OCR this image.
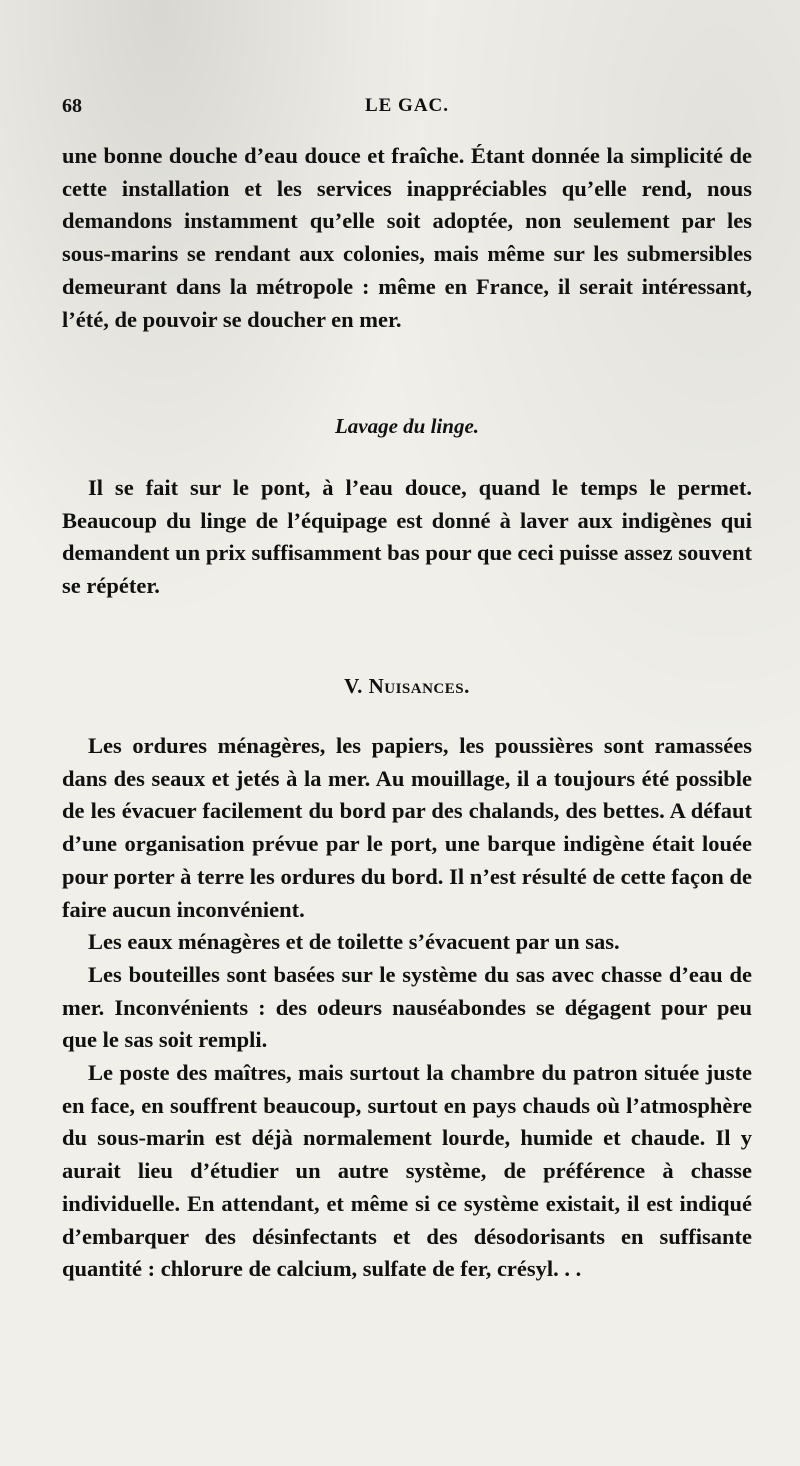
68	LE GAC.

une bonne douche d’eau douce et fraîche. Étant donnée la simplicité de cette installation et les services inappréciables qu’elle rend, nous demandons instamment qu’elle soit adoptée, non seulement par les sous-marins se rendant aux colonies, mais même sur les submersibles demeurant dans la métropole : même en France, il serait intéressant, l’été, de pouvoir se doucher en mer.

Lavage du linge.

Il se fait sur le pont, à l’eau douce, quand le temps le permet. Beaucoup du linge de l’équipage est donné à laver aux indigènes qui demandent un prix suffisamment bas pour que ceci puisse assez souvent se répéter.

V. Nuisances.

Les ordures ménagères, les papiers, les poussières sont ramassées dans des seaux et jetés à la mer. Au mouillage, il a toujours été possible de les évacuer facilement du bord par des chalands, des bettes. A défaut d’une organisation prévue par le port, une barque indigène était louée pour porter à terre les ordures du bord. Il n’est résulté de cette façon de faire aucun inconvénient.

Les eaux ménagères et de toilette s’évacuent par un sas.

Les bouteilles sont basées sur le système du sas avec chasse d’eau de mer. Inconvénients : des odeurs nauséabondes se dégagent pour peu que le sas soit rempli.

Le poste des maîtres, mais surtout la chambre du patron située juste en face, en souffrent beaucoup, surtout en pays chauds où l’atmosphère du sous-marin est déjà normalement lourde, humide et chaude. Il y aurait lieu d’étudier un autre système, de préférence à chasse individuelle. En attendant, et même si ce système existait, il est indiqué d’embarquer des désinfectants et des désodorisants en suffisante quantité : chlorure de calcium, sulfate de fer, crésyl. . .
